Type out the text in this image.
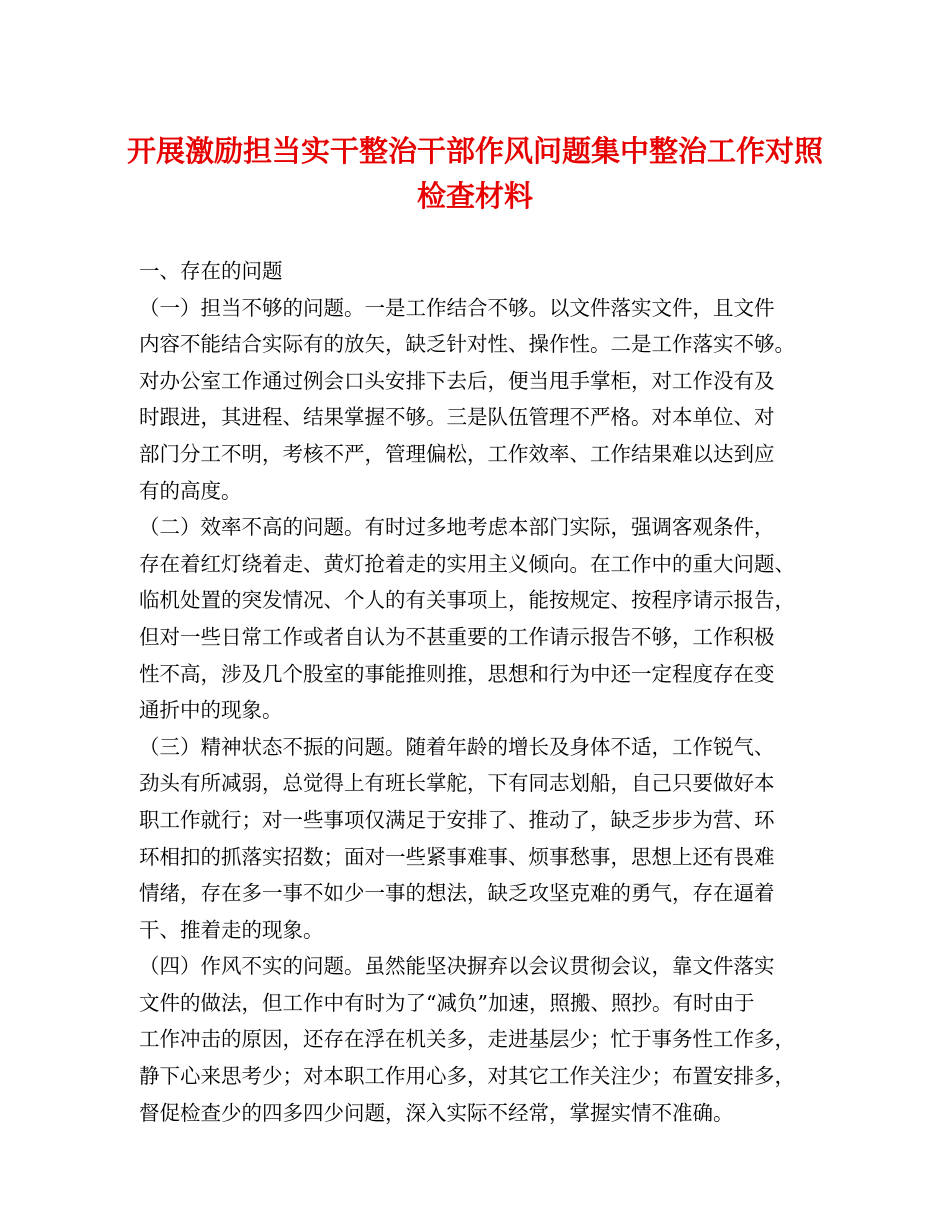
开展激励担当实干整治干部作风问题集中整治工作对照
检查材料
一、存在的问题
（一）担当不够的问题。一是工作结合不够。以文件落实文件，且文件
内容不能结合实际有的放矢，缺乏针对性、操作性。二是工作落实不够。
对办公室工作通过例会口头安排下去后，便当甩手掌柜，对工作没有及
时跟进，其进程、结果掌握不够。三是队伍管理不严格。对本单位、对
部门分工不明，考核不严，管理偏松，工作效率、工作结果难以达到应
有的高度。
（二）效率不高的问题。有时过多地考虑本部门实际，强调客观条件，
存在着红灯绕着走、黄灯抢着走的实用主义倾向。在工作中的重大问题、
临机处置的突发情况、个人的有关事项上，能按规定、按程序请示报告，
但对一些日常工作或者自认为不甚重要的工作请示报告不够，工作积极
性不高，涉及几个股室的事能推则推，思想和行为中还一定程度存在变
通折中的现象。
（三）精神状态不振的问题。随着年龄的增长及身体不适，工作锐气、
劲头有所减弱，总觉得上有班长掌舵，下有同志划船，自己只要做好本
职工作就行；对一些事项仅满足于安排了、推动了，缺乏步步为营、环
环相扣的抓落实招数；面对一些紧事难事、烦事愁事，思想上还有畏难
情绪，存在多一事不如少一事的想法，缺乏攻坚克难的勇气，存在逼着
干、推着走的现象。
（四）作风不实的问题。虽然能坚决摒弃以会议贯彻会议，靠文件落实
文件的做法，但工作中有时为了“减负”加速，照搬、照抄。有时由于
工作冲击的原因，还存在浮在机关多，走进基层少；忙于事务性工作多，
静下心来思考少；对本职工作用心多，对其它工作关注少；布置安排多，
督促检查少的四多四少问题，深入实际不经常，掌握实情不准确。
